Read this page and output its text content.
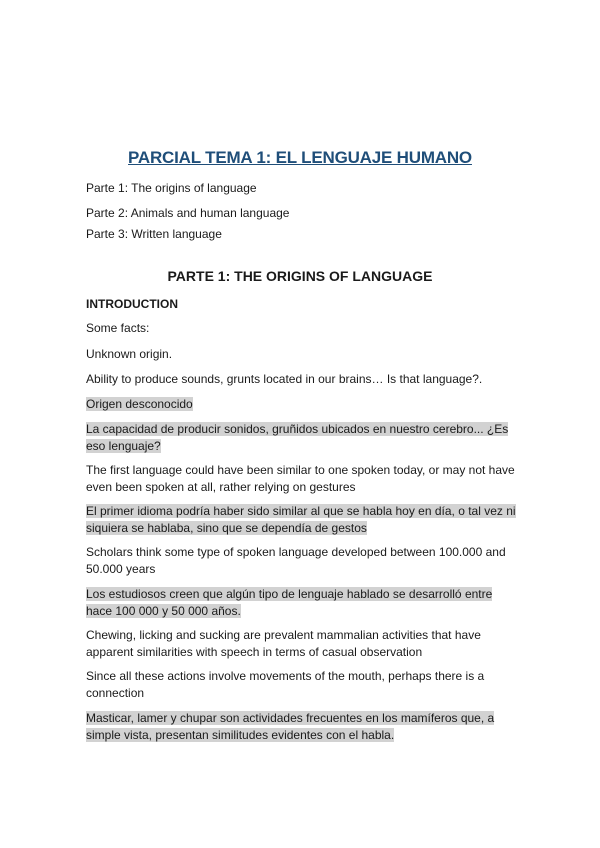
PARCIAL TEMA 1: EL LENGUAJE HUMANO

Parte 1: The origins of language

Parte 2: Animals and human language

Parte 3: Written language

PARTE 1: THE ORIGINS OF LANGUAGE
INTRODUCTION

Some facts:

Unknown origin.

Ability to produce sounds, grunts located in our brains… Is that language?.

Origen desconocido

La capacidad de producir sonidos, gruñidos ubicados en nuestro cerebro... ¿Es eso lenguaje?

The first language could have been similar to one spoken today, or may not have even been spoken at all, rather relying on gestures

El primer idioma podría haber sido similar al que se habla hoy en día, o tal vez ni siquiera se hablaba, sino que se dependía de gestos

Scholars think some type of spoken language developed between 100.000 and 50.000 years

Los estudiosos creen que algún tipo de lenguaje hablado se desarrolló entre hace 100 000 y 50 000 años.

Chewing, licking and sucking are prevalent mammalian activities that have apparent similarities with speech in terms of casual observation

Since all these actions involve movements of the mouth, perhaps there is a connection

Masticar, lamer y chupar son actividades frecuentes en los mamíferos que, a simple vista, presentan similitudes evidentes con el habla.
